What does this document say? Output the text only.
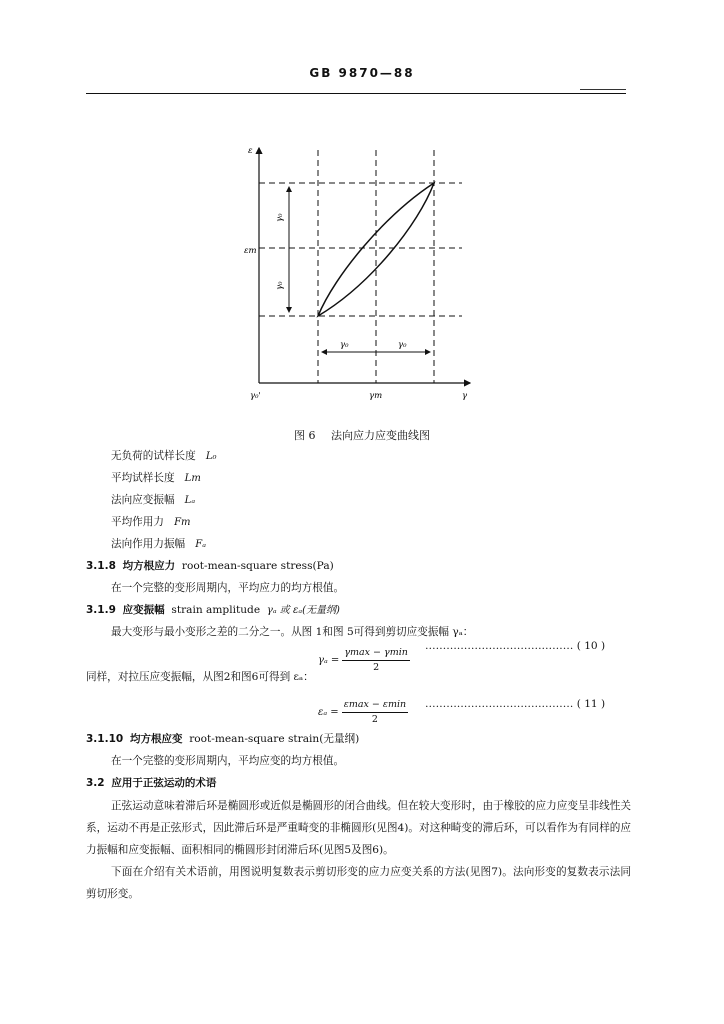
GB 9870—88
ε
γ
γ₀'	γm
εm
γ₀
γ₀
γ₀	γ₀
图 6 法向应力应变曲线图
无负荷的试样长度 L₀
平均试样长度 Lm
法向应变振幅 Lₐ
平均作用力 Fm
法向作用力振幅 Fₐ
3.1.8 均方根应力 root-mean-square stress(Pa)
在一个完整的变形周期内，平均应力的均方根值。
3.1.9 应变振幅 strain amplitude γₐ 或 εₐ(无量纲)
最大变形与最小变形之差的二分之一。从图 1和图 5可得到剪切应变振幅 γₐ：
$\gamma_a = \frac{\gamma\max - \gamma\min}{2}$ …………………………………… ( 10 )
同样，对拉压应变振幅，从图2和图6可得到 εₐ：
$\varepsilon_a = \frac{\varepsilon\max - \varepsilon\min}{2}$ …………………………………… ( 11 )
3.1.10 均方根应变 root-mean-square strain(无量纲)
在一个完整的变形周期内，平均应变的均方根值。
3.2 应用于正弦运动的术语
正弦运动意味着滞后环是椭圆形或近似是椭圆形的闭合曲线。但在较大变形时，由于橡胶的应力应变呈非线性关系，运动不再是正弦形式，因此滞后环是严重畸变的非椭圆形(见图4)。对这种畸变的滞后环，可以看作为有同样的应力振幅和应变振幅、面积相同的椭圆形封闭滞后环(见图5及图6)。
下面在介绍有关术语前，用图说明复数表示剪切形变的应力应变关系的方法(见图7)。法向形变的复数表示法同剪切形变。
